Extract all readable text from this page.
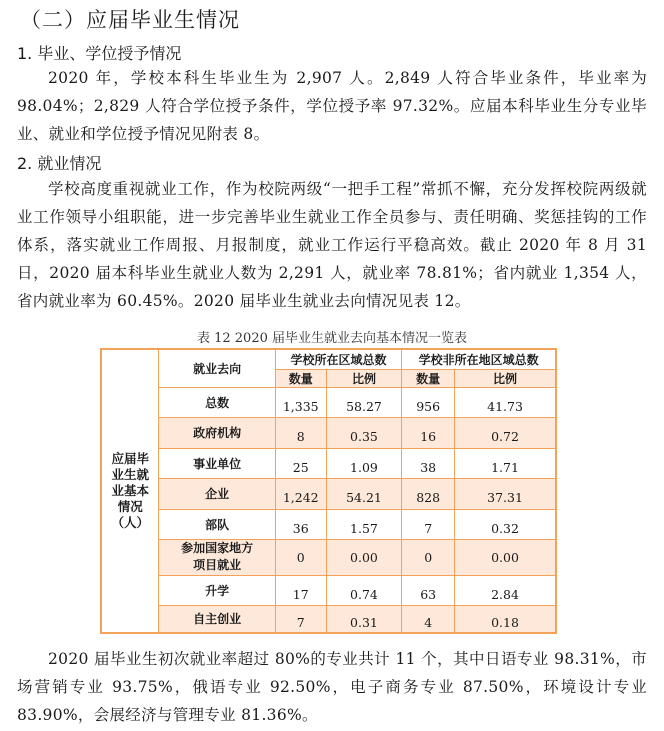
（二）应届毕业生情况
1. 毕业、学位授予情况

2020 年，学校本科生毕业生为 2,907 人。2,849 人符合毕业条件，毕业率为 98.04%；2,829 人符合学位授予条件，学位授予率 97.32%。应届本科毕业生分专业毕业、就业和学位授予情况见附表 8。

2. 就业情况

学校高度重视就业工作，作为校院两级“一把手工程”常抓不懈，充分发挥校院两级就业工作领导小组职能，进一步完善毕业生就业工作全员参与、责任明确、奖惩挂钩的工作体系，落实就业工作周报、月报制度，就业工作运行平稳高效。截止 2020 年 8 月 31 日，2020 届本科毕业生就业人数为 2,291 人，就业率 78.81%；省内就业 1,354 人，省内就业率为 60.45%。2020 届毕业生就业去向情况见表 12。

表 12 2020 届毕业生就业去向基本情况一览表
应届毕业生就业基本情况（人）	就业去向	学校所在区域总数		学校非所在地区域总数	
		数量	比例	数量	比例
	总数	1,335	58.27	956	41.73
	政府机构	8	0.35	16	0.72
	事业单位	25	1.09	38	1.71
	企业	1,242	54.21	828	37.31
	部队	36	1.57	7	0.32
	参加国家地方项目就业	0	0.00	0	0.00
	升学	17	0.74	63	2.84
	自主创业	7	0.31	4	0.18

2020 届毕业生初次就业率超过 80%的专业共计 11 个，其中日语专业 98.31%，市场营销专业 93.75%，俄语专业 92.50%，电子商务专业 87.50%，环境设计专业 83.90%，会展经济与管理专业 81.36%。
